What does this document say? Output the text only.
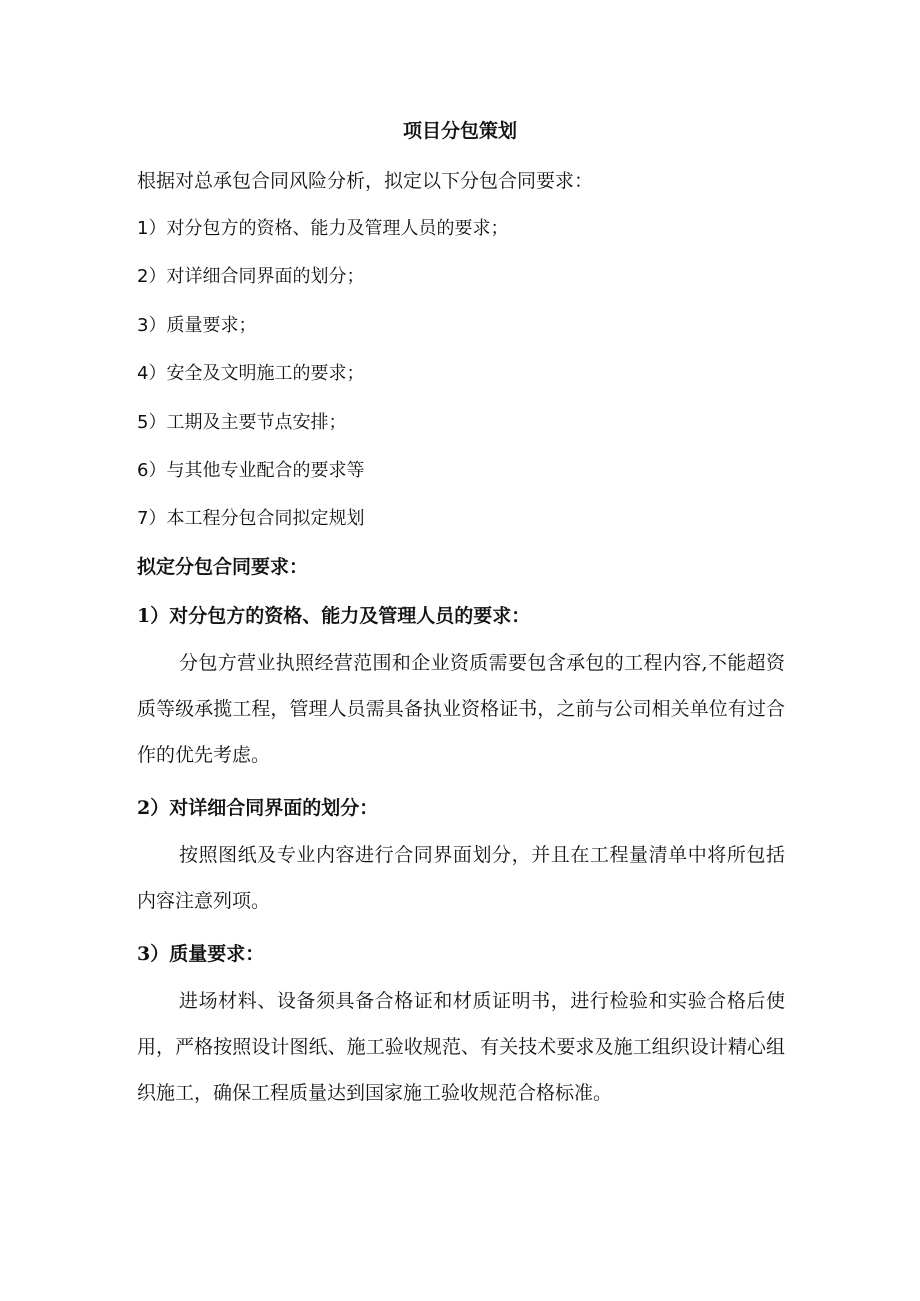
项目分包策划
根据对总承包合同风险分析，拟定以下分包合同要求：
1）对分包方的资格、能力及管理人员的要求；
2）对详细合同界面的划分；
3）质量要求；
4）安全及文明施工的要求；
5）工期及主要节点安排；
6）与其他专业配合的要求等
7）本工程分包合同拟定规划
拟定分包合同要求：
1）对分包方的资格、能力及管理人员的要求：
分包方营业执照经营范围和企业资质需要包含承包的工程内容,不能超资质等级承揽工程，管理人员需具备执业资格证书，之前与公司相关单位有过合作的优先考虑。
2）对详细合同界面的划分：
按照图纸及专业内容进行合同界面划分，并且在工程量清单中将所包括内容注意列项。
3）质量要求：
进场材料、设备须具备合格证和材质证明书，进行检验和实验合格后使用，严格按照设计图纸、施工验收规范、有关技术要求及施工组织设计精心组织施工，确保工程质量达到国家施工验收规范合格标准。
